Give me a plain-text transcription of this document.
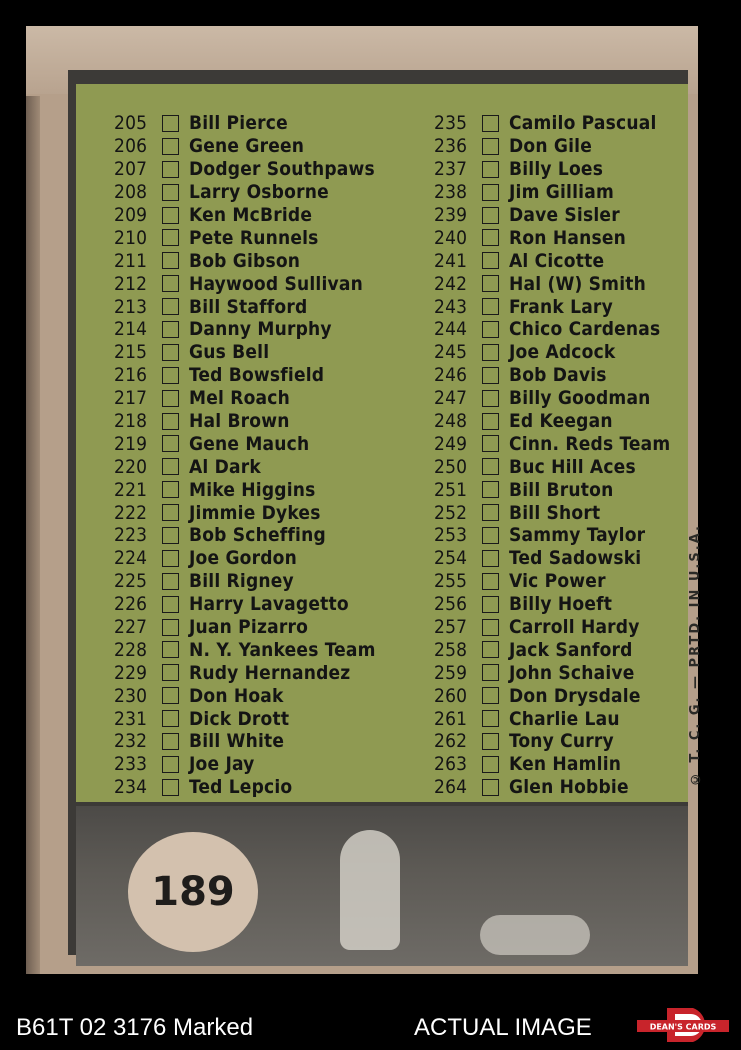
205	Bill Pierce
206	Gene Green
207	Dodger Southpaws
208	Larry Osborne
209	Ken McBride
210	Pete Runnels
211	Bob Gibson
212	Haywood Sullivan
213	Bill Stafford
214	Danny Murphy
215	Gus Bell
216	Ted Bowsfield
217	Mel Roach
218	Hal Brown
219	Gene Mauch
220	Al Dark
221	Mike Higgins
222	Jimmie Dykes
223	Bob Scheffing
224	Joe Gordon
225	Bill Rigney
226	Harry Lavagetto
227	Juan Pizarro
228	N. Y. Yankees Team
229	Rudy Hernandez
230	Don Hoak
231	Dick Drott
232	Bill White
233	Joe Jay
234	Ted Lepcio
235	Camilo Pascual
236	Don Gile
237	Billy Loes
238	Jim Gilliam
239	Dave Sisler
240	Ron Hansen
241	Al Cicotte
242	Hal (W) Smith
243	Frank Lary
244	Chico Cardenas
245	Joe Adcock
246	Bob Davis
247	Billy Goodman
248	Ed Keegan
249	Cinn. Reds Team
250	Buc Hill Aces
251	Bill Bruton
252	Bill Short
253	Sammy Taylor
254	Ted Sadowski
255	Vic Power
256	Billy Hoeft
257	Carroll Hardy
258	Jack Sanford
259	John Schaive
260	Don Drysdale
261	Charlie Lau
262	Tony Curry
263	Ken Hamlin
264	Glen Hobbie
© T. C. G. — PRTD. IN U.S.A.
189
B61T 02 3176 Marked	ACTUAL IMAGE	DEAN'S CARDS
